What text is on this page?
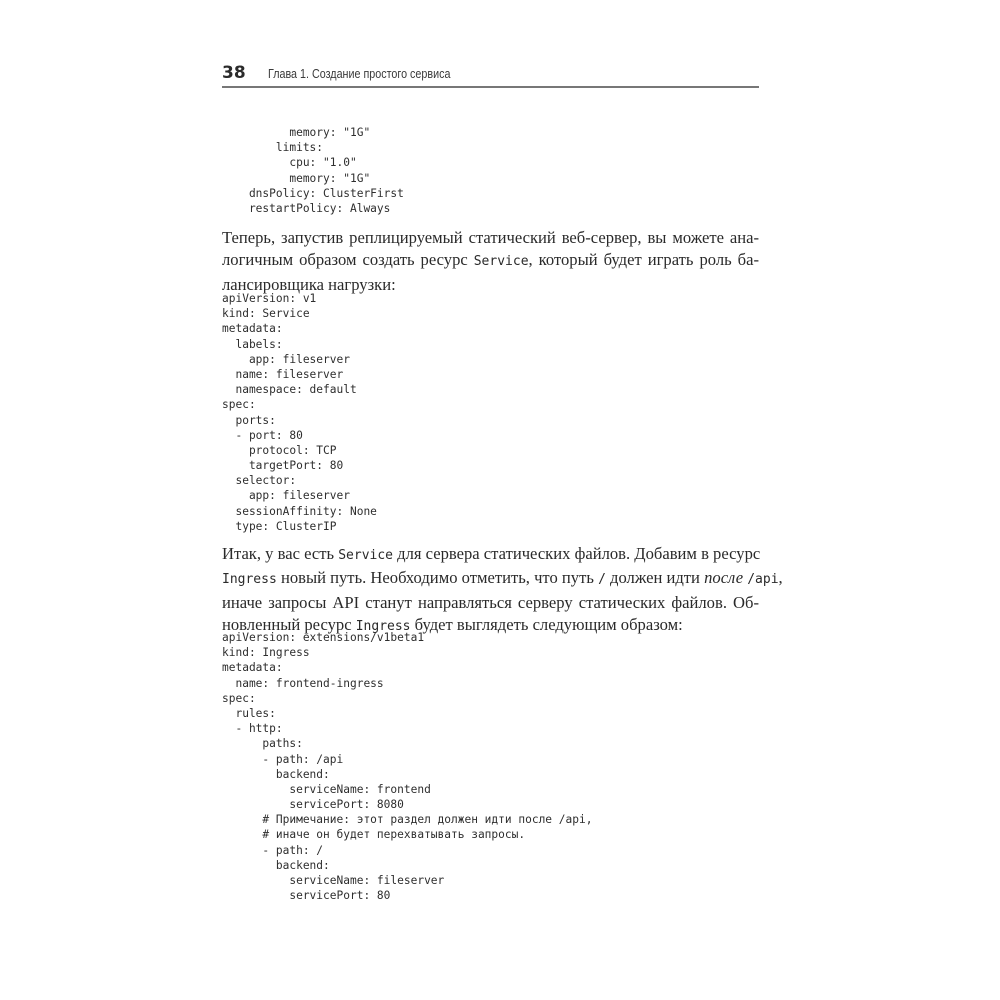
38 Глава 1. Создание простого сервиса
memory: "1G"
limits:
cpu: "1.0"
memory: "1G"
dnsPolicy: ClusterFirst
restartPolicy: Always

Теперь, запустив реплицируемый статический веб-сервер, вы можете ана-
логичным образом создать ресурс Service, который будет играть роль ба-
лансировщика нагрузки:

apiVersion: v1
kind: Service
metadata:
labels:
app: fileserver
name: fileserver
namespace: default
spec:
ports:
- port: 80
protocol: TCP
targetPort: 80
selector:
app: fileserver
sessionAffinity: None
type: ClusterIP

Итак, у вас есть Service для сервера статических файлов. Добавим в ресурс
Ingress новый путь. Необходимо отметить, что путь / должен идти после /api,
иначе запросы API станут направляться серверу статических файлов. Об-
новленный ресурс Ingress будет выглядеть следующим образом:

apiVersion: extensions/v1beta1
kind: Ingress
metadata:
name: frontend-ingress
spec:
rules:
- http:
paths:
- path: /api
backend:
serviceName: frontend
servicePort: 8080
# Примечание: этот раздел должен идти после /api,
# иначе он будет перехватывать запросы.
- path: /
backend:
serviceName: fileserver
servicePort: 80
